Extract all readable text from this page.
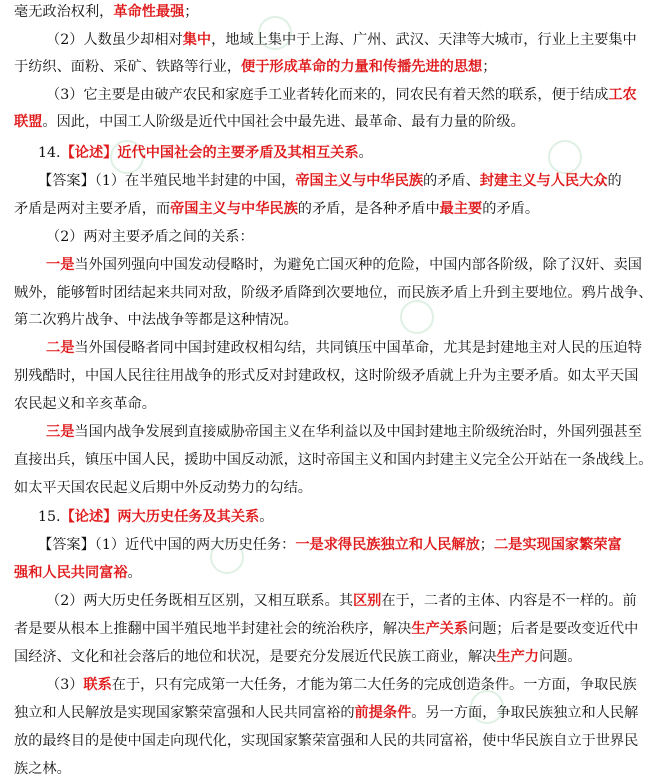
毫无政治权利，革命性最强；
（2）人数虽少却相对集中，地域上集中于上海、广州、武汉、天津等大城市，行业上主要集中
于纺织、面粉、采矿、铁路等行业，便于形成革命的力量和传播先进的思想；
（3）它主要是由破产农民和家庭手工业者转化而来的，同农民有着天然的联系，便于结成工农
联盟。因此，中国工人阶级是近代中国社会中最先进、最革命、最有力量的阶级。
14.【论述】近代中国社会的主要矛盾及其相互关系。
【答案】（1）在半殖民地半封建的中国，帝国主义与中华民族的矛盾、封建主义与人民大众的
矛盾是两对主要矛盾，而帝国主义与中华民族的矛盾，是各种矛盾中最主要的矛盾。
（2）两对主要矛盾之间的关系：
一是当外国列强向中国发动侵略时，为避免亡国灭种的危险，中国内部各阶级，除了汉奸、卖国
贼外，能够暂时团结起来共同对敌，阶级矛盾降到次要地位，而民族矛盾上升到主要地位。鸦片战争、
第二次鸦片战争、中法战争等都是这种情况。
二是当外国侵略者同中国封建政权相勾结，共同镇压中国革命，尤其是封建地主对人民的压迫特
别残酷时，中国人民往往用战争的形式反对封建政权，这时阶级矛盾就上升为主要矛盾。如太平天国
农民起义和辛亥革命。
三是当国内战争发展到直接威胁帝国主义在华利益以及中国封建地主阶级统治时，外国列强甚至
直接出兵，镇压中国人民，援助中国反动派，这时帝国主义和国内封建主义完全公开站在一条战线上。
如太平天国农民起义后期中外反动势力的勾结。
15.【论述】两大历史任务及其关系。
【答案】（1）近代中国的两大历史任务：一是求得民族独立和人民解放；二是实现国家繁荣富
强和人民共同富裕。
（2）两大历史任务既相互区别，又相互联系。其区别在于，二者的主体、内容是不一样的。前
者是要从根本上推翻中国半殖民地半封建社会的统治秩序，解决生产关系问题；后者是要改变近代中
国经济、文化和社会落后的地位和状况，是要充分发展近代民族工商业，解决生产力问题。
（3）联系在于，只有完成第一大任务，才能为第二大任务的完成创造条件。一方面，争取民族
独立和人民解放是实现国家繁荣富强和人民共同富裕的前提条件。另一方面，争取民族独立和人民解
放的最终目的是使中国走向现代化，实现国家繁荣富强和人民的共同富裕，使中华民族自立于世界民
族之林。
